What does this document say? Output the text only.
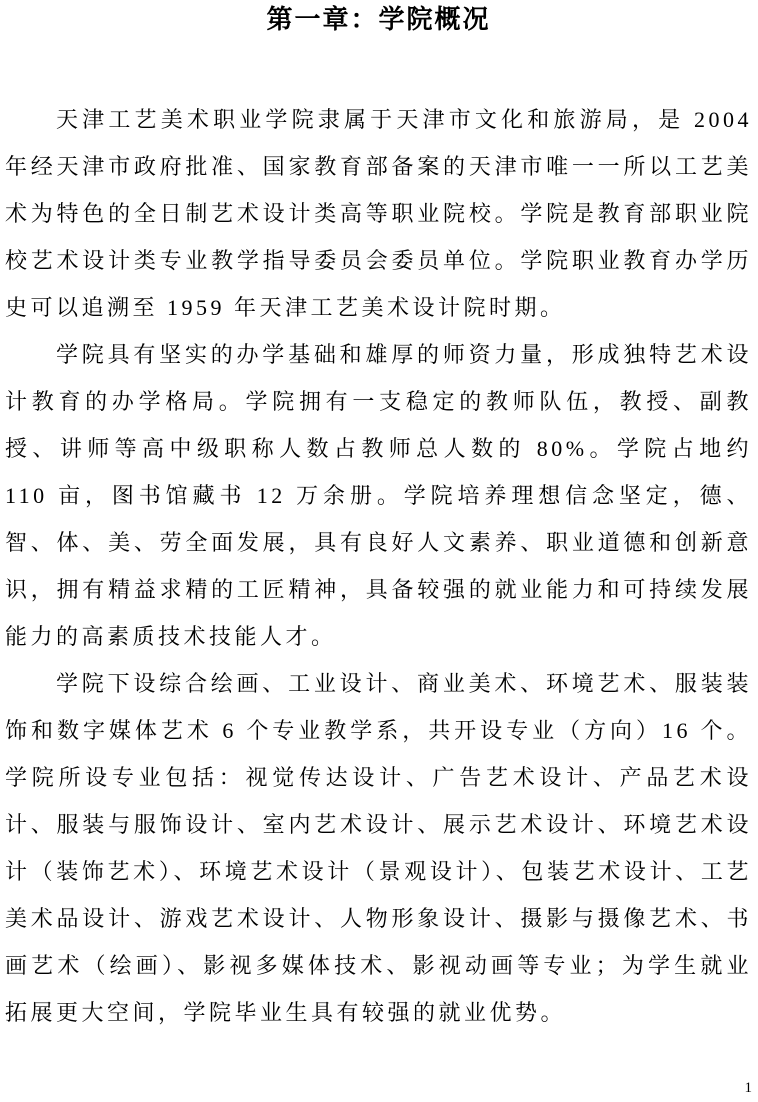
第一章：学院概况

天津工艺美术职业学院隶属于天津市文化和旅游局，是 2004 年经天津市政府批准、国家教育部备案的天津市唯一一所以工艺美术为特色的全日制艺术设计类高等职业院校。学院是教育部职业院校艺术设计类专业教学指导委员会委员单位。学院职业教育办学历史可以追溯至 1959 年天津工艺美术设计院时期。

学院具有坚实的办学基础和雄厚的师资力量，形成独特艺术设计教育的办学格局。学院拥有一支稳定的教师队伍，教授、副教授、讲师等高中级职称人数占教师总人数的 80%。学院占地约 110 亩，图书馆藏书 12 万余册。学院培养理想信念坚定，德、智、体、美、劳全面发展，具有良好人文素养、职业道德和创新意识，拥有精益求精的工匠精神，具备较强的就业能力和可持续发展能力的高素质技术技能人才。

学院下设综合绘画、工业设计、商业美术、环境艺术、服装装饰和数字媒体艺术 6 个专业教学系，共开设专业（方向）16 个。学院所设专业包括：视觉传达设计、广告艺术设计、产品艺术设计、服装与服饰设计、室内艺术设计、展示艺术设计、环境艺术设计（装饰艺术）、环境艺术设计（景观设计）、包装艺术设计、工艺美术品设计、游戏艺术设计、人物形象设计、摄影与摄像艺术、书画艺术（绘画）、影视多媒体技术、影视动画等专业；为学生就业拓展更大空间，学院毕业生具有较强的就业优势。

1
